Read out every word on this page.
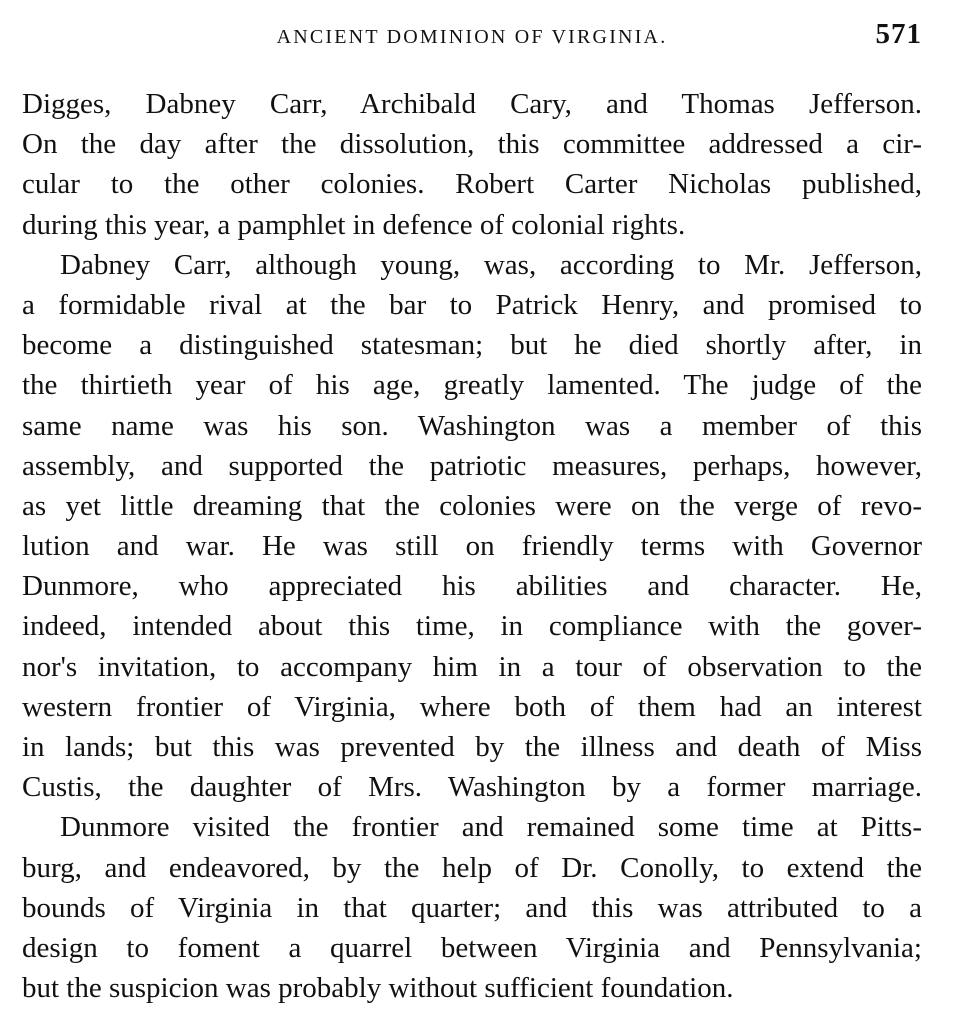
ANCIENT DOMINION OF VIRGINIA.	571
Digges, Dabney Carr, Archibald Cary, and Thomas Jefferson.
On the day after the dissolution, this committee addressed a cir-
cular to the other colonies. Robert Carter Nicholas published,
during this year, a pamphlet in defence of colonial rights.
Dabney Carr, although young, was, according to Mr. Jefferson,
a formidable rival at the bar to Patrick Henry, and promised to
become a distinguished statesman; but he died shortly after, in
the thirtieth year of his age, greatly lamented. The judge of the
same name was his son. Washington was a member of this
assembly, and supported the patriotic measures, perhaps, however,
as yet little dreaming that the colonies were on the verge of revo-
lution and war. He was still on friendly terms with Governor
Dunmore, who appreciated his abilities and character. He,
indeed, intended about this time, in compliance with the gover-
nor's invitation, to accompany him in a tour of observation to the
western frontier of Virginia, where both of them had an interest
in lands; but this was prevented by the illness and death of Miss
Custis, the daughter of Mrs. Washington by a former marriage.
Dunmore visited the frontier and remained some time at Pitts-
burg, and endeavored, by the help of Dr. Conolly, to extend the
bounds of Virginia in that quarter; and this was attributed to a
design to foment a quarrel between Virginia and Pennsylvania;
but the suspicion was probably without sufficient foundation.
